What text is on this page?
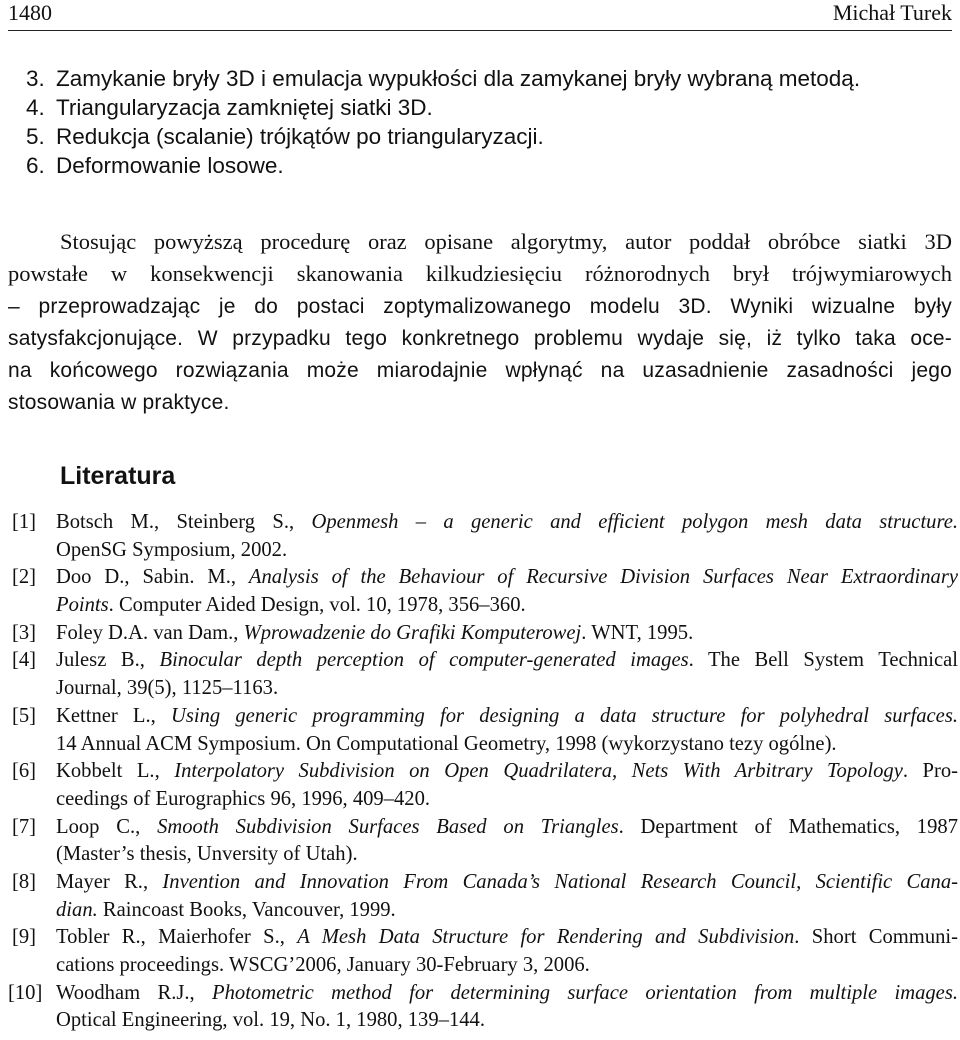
1480	Michał Turek
3. Zamykanie bryły 3D i emulacja wypukłości dla zamykanej bryły wybraną metodą.
4. Triangularyzacja zamkniętej siatki 3D.
5. Redukcja (scalanie) trójkątów po triangularyzacji.
6. Deformowanie losowe.
Stosując powyższą procedurę oraz opisane algorytmy, autor poddał obróbce siatki 3D
powstałe w konsekwencji skanowania kilkudziesięciu różnorodnych brył trójwymiarowych
– przeprowadzając je do postaci zoptymalizowanego modelu 3D. Wyniki wizualne były
satysfakcjonujące. W przypadku tego konkretnego problemu wydaje się, iż tylko taka oce-
na końcowego rozwiązania może miarodajnie wpłynąć na uzasadnienie zasadności jego
stosowania w praktyce.
Literatura
[1] Botsch M., Steinberg S., Openmesh – a generic and efficient polygon mesh data structure.
OpenSG Symposium, 2002.
[2] Doo D., Sabin. M., Analysis of the Behaviour of Recursive Division Surfaces Near Extraordinary
Points. Computer Aided Design, vol. 10, 1978, 356–360.
[3] Foley D.A. van Dam., Wprowadzenie do Grafiki Komputerowej. WNT, 1995.
[4] Julesz B., Binocular depth perception of computer-generated images. The Bell System Technical
Journal, 39(5), 1125–1163.
[5] Kettner L., Using generic programming for designing a data structure for polyhedral surfaces.
14 Annual ACM Symposium. On Computational Geometry, 1998 (wykorzystano tezy ogólne).
[6] Kobbelt L., Interpolatory Subdivision on Open Quadrilatera, Nets With Arbitrary Topology. Pro-
ceedings of Eurographics 96, 1996, 409–420.
[7] Loop C., Smooth Subdivision Surfaces Based on Triangles. Department of Mathematics, 1987
(Master’s thesis, Unversity of Utah).
[8] Mayer R., Invention and Innovation From Canada’s National Research Council, Scientific Cana-
dian. Raincoast Books, Vancouver, 1999.
[9] Tobler R., Maierhofer S., A Mesh Data Structure for Rendering and Subdivision. Short Communi-
cations proceedings. WSCG’2006, January 30-February 3, 2006.
[10] Woodham R.J., Photometric method for determining surface orientation from multiple images.
Optical Engineering, vol. 19, No. 1, 1980, 139–144.
